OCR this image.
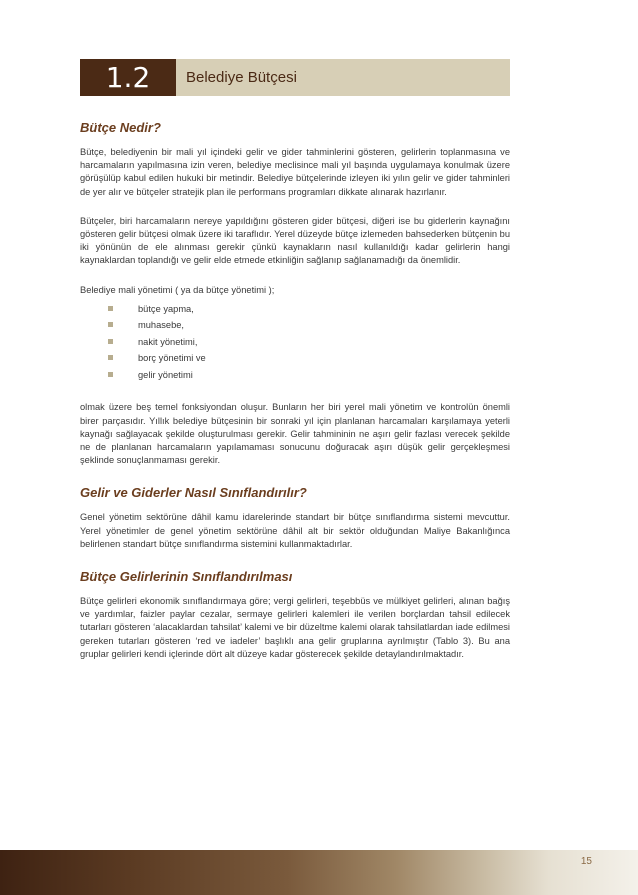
1.2	Belediye Bütçesi
Bütçe Nedir?

Bütçe, belediyenin bir mali yıl içindeki gelir ve gider tahminlerini gösteren, gelirlerin toplanmasına ve harcamaların yapılmasına izin veren, belediye meclisince mali yıl başında uygulamaya konulmak üzere görüşülüp kabul edilen hukuki bir metindir. Belediye bütçelerinde izleyen iki yılın gelir ve gider tahminleri de yer alır ve bütçeler stratejik plan ile performans programları dikkate alınarak hazırlanır.

Bütçeler, biri harcamaların nereye yapıldığını gösteren gider bütçesi, diğeri ise bu giderlerin kaynağını gösteren gelir bütçesi olmak üzere iki taraflıdır. Yerel düzeyde bütçe izlemeden bahsederken bütçenin bu iki yönünün de ele alınması gerekir çünkü kaynakların nasıl kullanıldığı kadar gelirlerin hangi kaynaklardan toplandığı ve gelir elde etmede etkinliğin sağlanıp sağlanamadığı da önemlidir.

Belediye mali yönetimi ( ya da bütçe yönetimi );

bütçe yapma,
muhasebe,
nakit yönetimi,
borç yönetimi ve
gelir yönetimi

olmak üzere beş temel fonksiyondan oluşur. Bunların her biri yerel mali yönetim ve kontrolün önemli birer parçasıdır. Yıllık belediye bütçesinin bir sonraki yıl için planlanan harcamaları karşılamaya yeterli kaynağı sağlayacak şekilde oluşturulması gerekir. Gelir tahmininin ne aşırı gelir fazlası verecek şekilde ne de planlanan harcamaların yapılamaması sonucunu doğuracak aşırı düşük gelir gerçekleşmesi şeklinde sonuçlanmaması gerekir.

Gelir ve Giderler Nasıl Sınıflandırılır?

Genel yönetim sektörüne dâhil kamu idarelerinde standart bir bütçe sınıflandırma sistemi mevcuttur. Yerel yönetimler de genel yönetim sektörüne dâhil alt bir sektör olduğundan Maliye Bakanlığınca belirlenen standart bütçe sınıflandırma sistemini kullanmaktadırlar.

Bütçe Gelirlerinin Sınıflandırılması

Bütçe gelirleri ekonomik sınıflandırmaya göre; vergi gelirleri, teşebbüs ve mülkiyet gelirleri, alınan bağış ve yardımlar, faizler paylar cezalar, sermaye gelirleri kalemleri ile verilen borçlardan tahsil edilecek tutarları gösteren ‘alacaklardan tahsilat’ kalemi ve bir düzeltme kalemi olarak tahsilatlardan iade edilmesi gereken tutarları gösteren ‘red ve iadeler’ başlıklı ana gelir gruplarına ayrılmıştır (Tablo 3). Bu ana gruplar gelirleri kendi içlerinde dört alt düzeye kadar gösterecek şekilde detaylandırılmaktadır.

15
